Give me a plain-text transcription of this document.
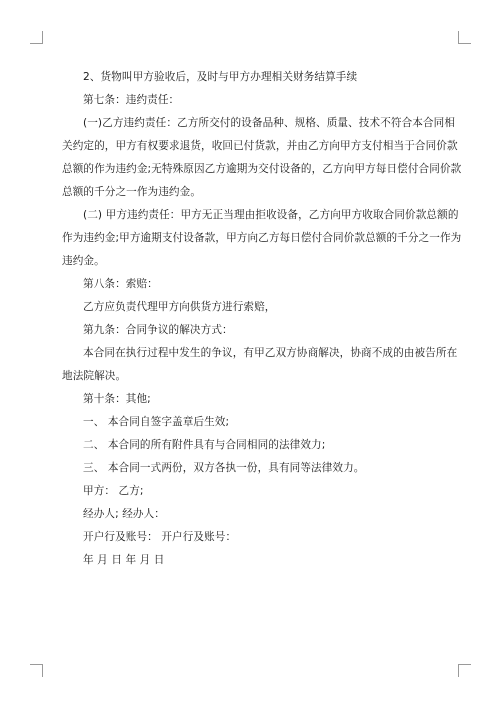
2、货物叫甲方验收后，及时与甲方办理相关财务结算手续

第七条：违约责任：

(一)乙方违约责任：乙方所交付的设备品种、规格、质量、技术不符合本合同相

关约定的，甲方有权要求退货，收回已付货款，并由乙方向甲方支付相当于合同价款

总额的作为违约金;无特殊原因乙方逾期为交付设备的，乙方向甲方每日偿付合同价款

总额的千分之一作为违约金。

(二) 甲方违约责任：甲方无正当理由拒收设备，乙方向甲方收取合同价款总额的

作为违约金;甲方逾期支付设备款，甲方向乙方每日偿付合同价款总额的千分之一作为

违约金。

第八条：索赔：

乙方应负责代理甲方向供货方进行索赔，

第九条：合同争议的解决方式：

本合同在执行过程中发生的争议，有甲乙双方协商解决，协商不成的由被告所在

地法院解决。

第十条：其他;

一、 本合同自签字盖章后生效;

二、 本合同的所有附件具有与合同相同的法律效力;

三、 本合同一式两份，双方各执一份，具有同等法律效力。

甲方： 乙方;

经办人; 经办人：

开户行及账号： 开户行及账号：

年 月 日 年 月 日
